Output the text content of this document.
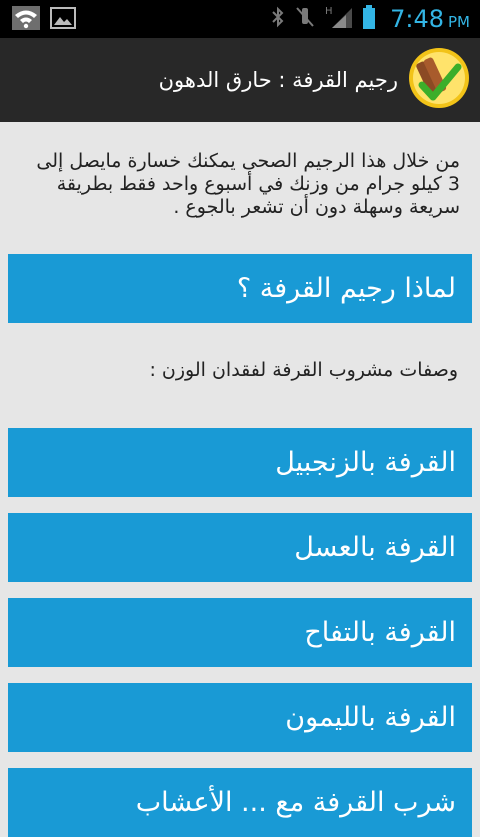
H 7:48 PM
رجيم القرفة : حارق الدهون

من خلال هذا الرجيم الصحى يمكنك خسارة مايصل إلى 3 كيلو جرام من وزنك في أسبوع واحد فقط بطريقة سريعة وسهلة دون أن تشعر بالجوع .

لماذا رجيم القرفة ؟
وصفات مشروب القرفة لفقدان الوزن :
القرفة بالزنجبيل
القرفة بالعسل
القرفة بالتفاح
القرفة بالليمون
شرب القرفة مع ... الأعشاب
